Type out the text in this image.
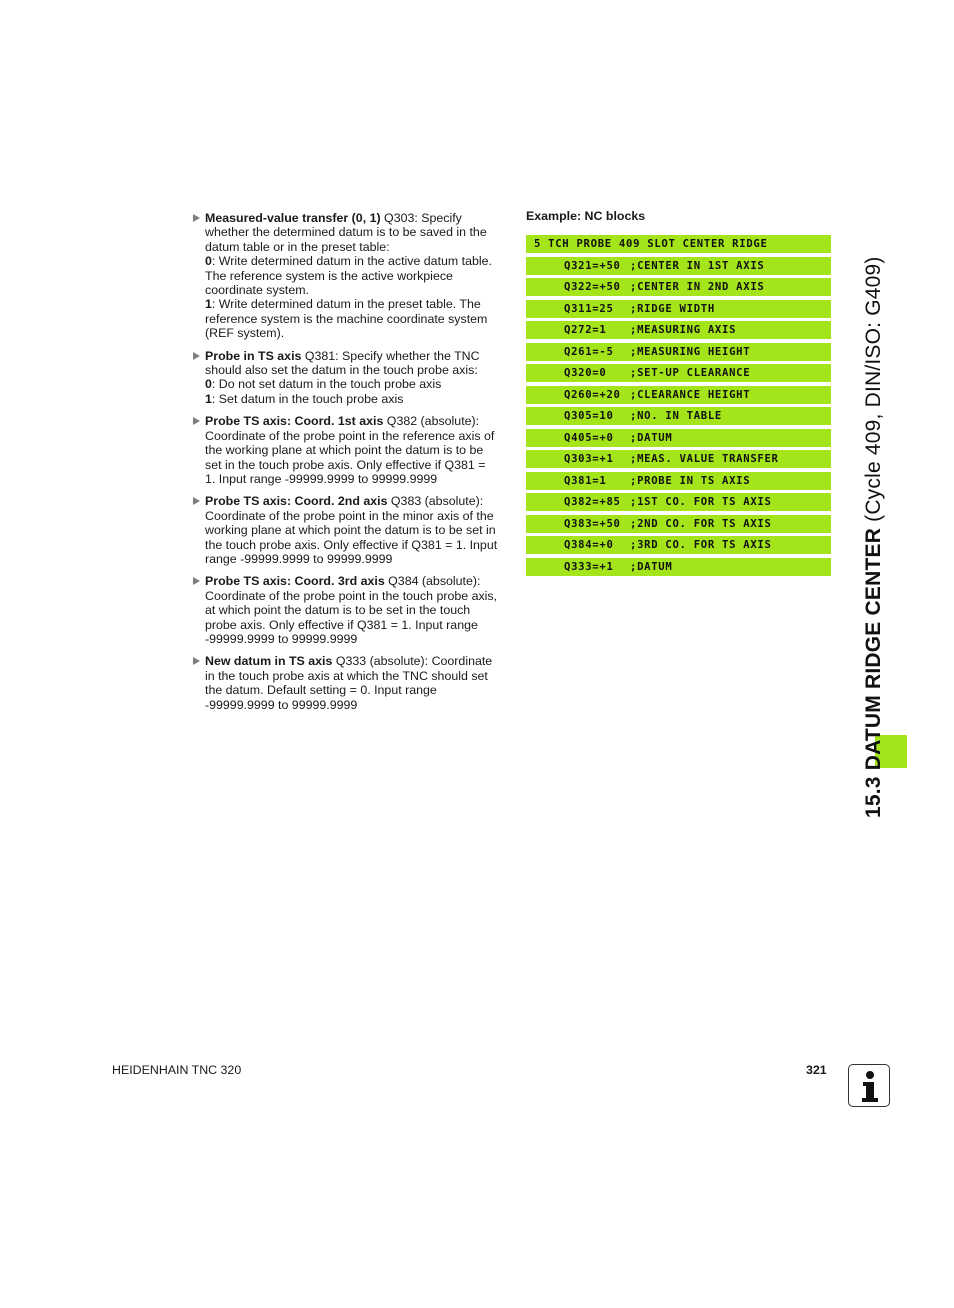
Measured-value transfer (0, 1) Q303: Specify
whether the determined datum is to be saved in the
datum table or in the preset table:
0: Write determined datum in the active datum table.
The reference system is the active workpiece
coordinate system.
1: Write determined datum in the preset table. The
reference system is the machine coordinate system
(REF system).
Probe in TS axis Q381: Specify whether the TNC
should also set the datum in the touch probe axis:
0: Do not set datum in the touch probe axis
1: Set datum in the touch probe axis
Probe TS axis: Coord. 1st axis Q382 (absolute):
Coordinate of the probe point in the reference axis of
the working plane at which point the datum is to be
set in the touch probe axis. Only effective if Q381 =
1. Input range -99999.9999 to 99999.9999
Probe TS axis: Coord. 2nd axis Q383 (absolute):
Coordinate of the probe point in the minor axis of the
working plane at which point the datum is to be set in
the touch probe axis. Only effective if Q381 = 1. Input
range -99999.9999 to 99999.9999
Probe TS axis: Coord. 3rd axis Q384 (absolute):
Coordinate of the probe point in the touch probe axis,
at which point the datum is to be set in the touch
probe axis. Only effective if Q381 = 1. Input range
-99999.9999 to 99999.9999
New datum in TS axis Q333 (absolute): Coordinate
in the touch probe axis at which the TNC should set
the datum. Default setting = 0. Input range
-99999.9999 to 99999.9999
Example: NC blocks
5 TCH PROBE 409 SLOT CENTER RIDGE
Q321=+50 ;CENTER IN 1ST AXIS
Q322=+50 ;CENTER IN 2ND AXIS
Q311=25 ;RIDGE WIDTH
Q272=1 ;MEASURING AXIS
Q261=-5 ;MEASURING HEIGHT
Q320=0 ;SET-UP CLEARANCE
Q260=+20 ;CLEARANCE HEIGHT
Q305=10 ;NO. IN TABLE
Q405=+0 ;DATUM
Q303=+1 ;MEAS. VALUE TRANSFER
Q381=1 ;PROBE IN TS AXIS
Q382=+85 ;1ST CO. FOR TS AXIS
Q383=+50 ;2ND CO. FOR TS AXIS
Q384=+0 ;3RD CO. FOR TS AXIS
Q333=+1 ;DATUM	15.3 DATUM RIDGE CENTER (Cycle 409, DIN/ISO: G409)
HEIDENHAIN TNC 320	321
